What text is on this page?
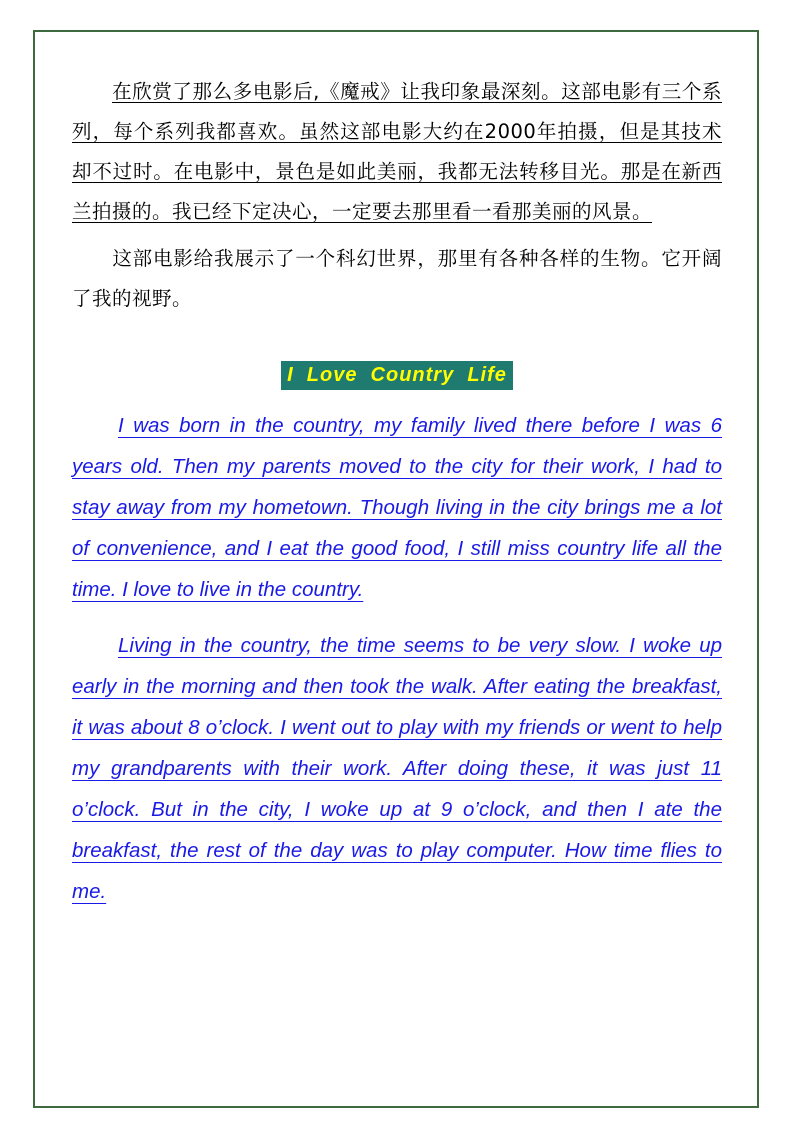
在欣赏了那么多电影后,《魔戒》让我印象最深刻。这部电影有三个系列，每个系列我都喜欢。虽然这部电影大约在2000年拍摄，但是其技术却不过时。在电影中，景色是如此美丽，我都无法转移目光。那是在新西兰拍摄的。我已经下定决心，一定要去那里看一看那美丽的风景。

这部电影给我展示了一个科幻世界，那里有各种各样的生物。它开阔了我的视野。

I  Love  Country  Life

I was born in the country, my family lived there before I was 6 years old. Then my parents moved to the city for their work, I had to stay away from my hometown. Though living in the city brings me a lot of convenience, and I eat the good food, I still miss country life all the time. I love to live in the country.

Living in the country, the time seems to be very slow. I woke up early in the morning and then took the walk. After eating the breakfast, it was about 8 o’clock. I went out to play with my friends or went to help my grandparents with their work. After doing these, it was just 11 o’clock. But in the city, I woke up at 9 o’clock, and then I ate the breakfast, the rest of the day was to play computer. How time flies to me.
